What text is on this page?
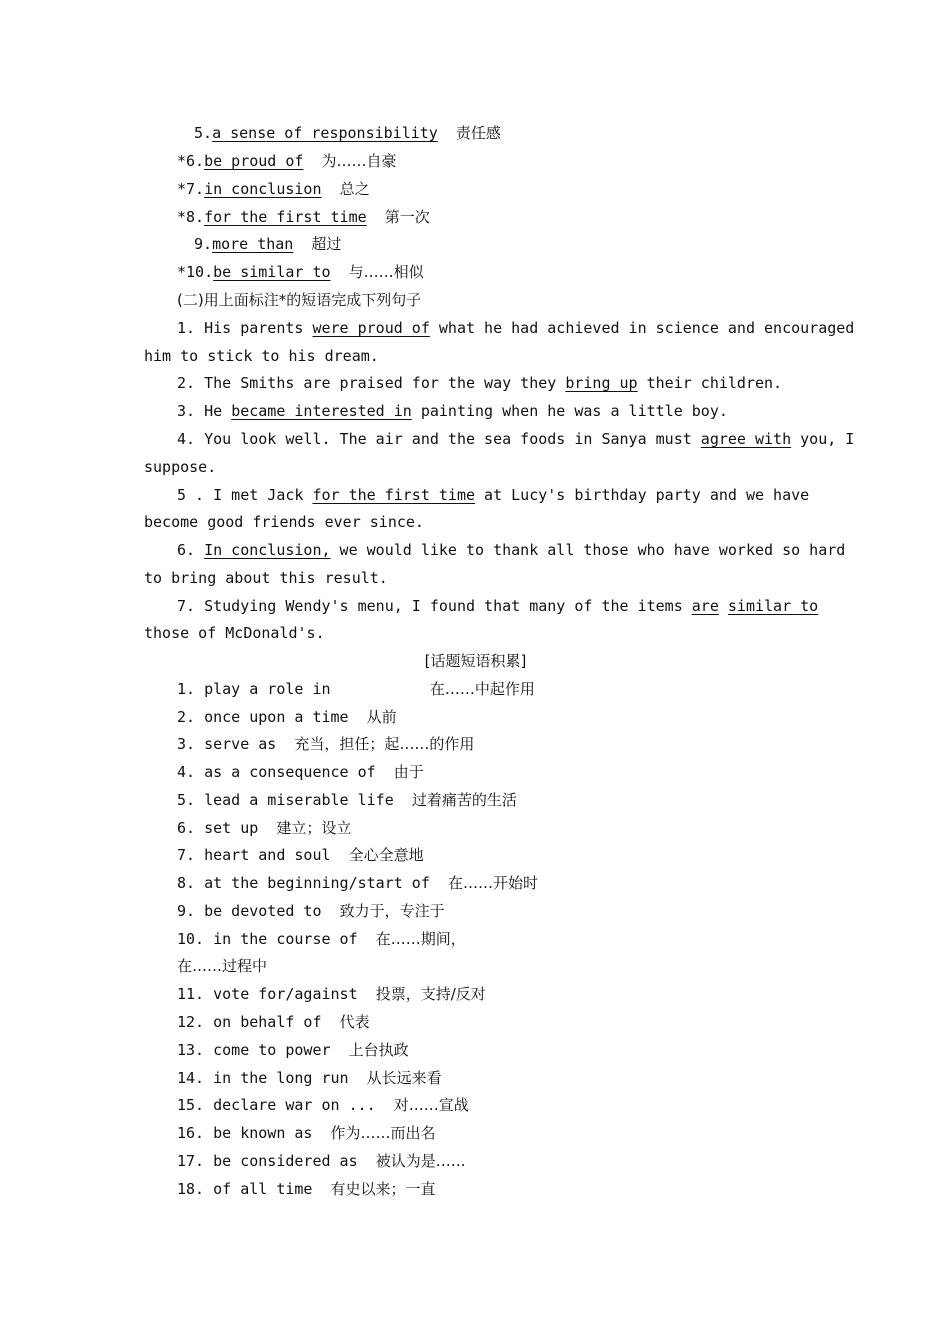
5.a sense of responsibility 责任感
*6.be proud of 为……自豪
*7.in conclusion 总之
*8.for the first time 第一次
9.more than 超过
*10.be similar to 与……相似
(二)用上面标注*的短语完成下列句子
1. His parents were proud of what he had achieved in science and encouraged
him to stick to his dream.
2. The Smiths are praised for the way they bring up their children.
3. He became interested in painting when he was a little boy.
4. You look well. The air and the sea foods in Sanya must agree with you, I
suppose.
5 . I met Jack for the first time at Lucy's birthday party and we have
become good friends ever since.
6. In conclusion, we would like to thank all those who have worked so hard
to bring about this result.
7. Studying Wendy's menu, I found that many of the items are similar to
those of McDonald's.
[话题短语积累]
1. play a role in	在……中起作用
2. once upon a time 从前
3. serve as 充当，担任；起……的作用
4. as a consequence of 由于
5. lead a miserable life 过着痛苦的生活
6. set up 建立；设立
7. heart and soul 全心全意地
8. at the beginning/start of 在……开始时
9. be devoted to 致力于，专注于
10. in the course of 在……期间，
在……过程中
11. vote for/against 投票，支持/反对
12. on behalf of 代表
13. come to power 上台执政
14. in the long run 从长远来看
15. declare war on ... 对……宣战
16. be known as 作为……而出名
17. be considered as 被认为是……
18. of all time 有史以来；一直
